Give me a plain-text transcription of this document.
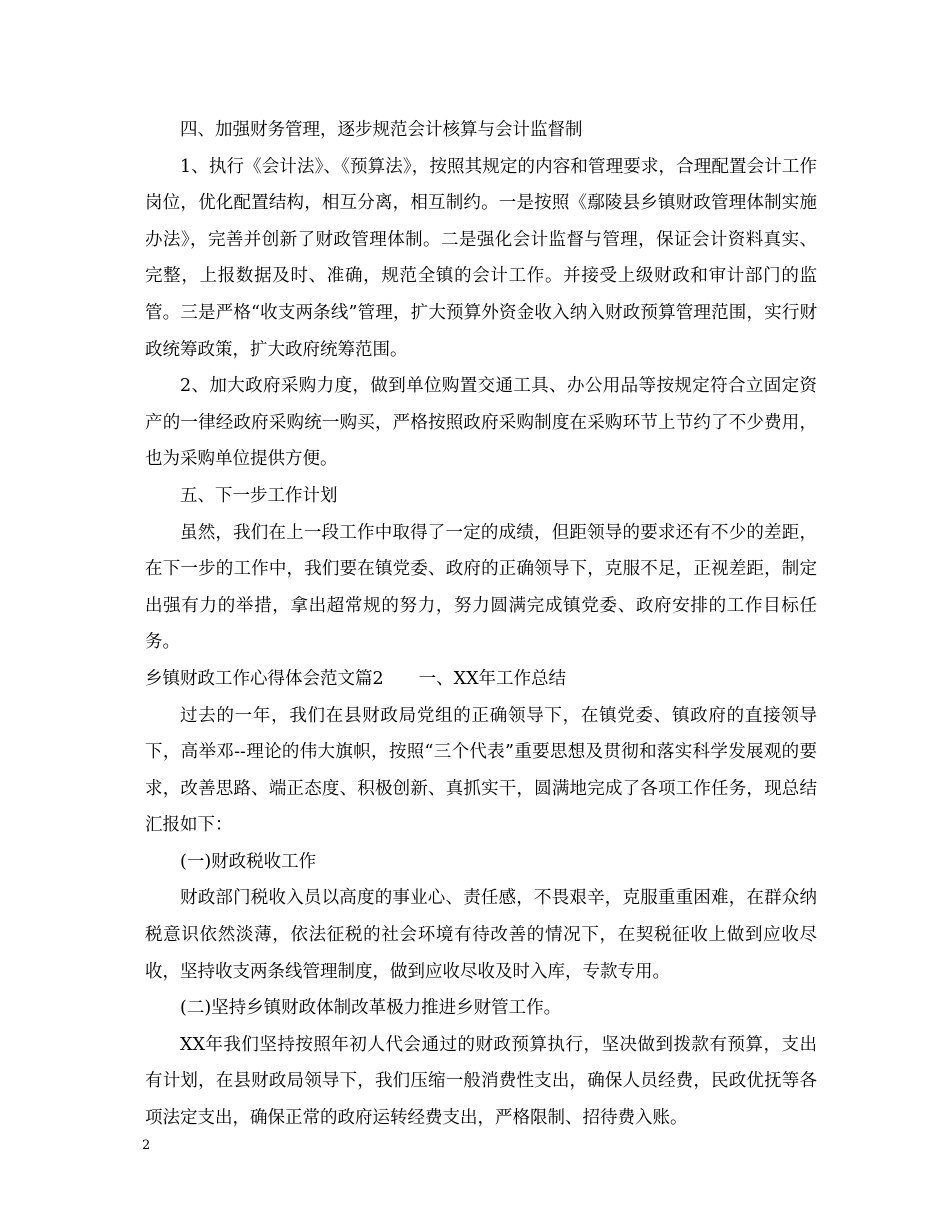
四、加强财务管理，逐步规范会计核算与会计监督制

1、执行《会计法》、《预算法》，按照其规定的内容和管理要求，合理配置会计工作岗位，优化配置结构，相互分离，相互制约。一是按照《鄢陵县乡镇财政管理体制实施办法》，完善并创新了财政管理体制。二是强化会计监督与管理，保证会计资料真实、完整，上报数据及时、准确，规范全镇的会计工作。并接受上级财政和审计部门的监管。三是严格“收支两条线”管理，扩大预算外资金收入纳入财政预算管理范围，实行财政统筹政策，扩大政府统筹范围。

2、加大政府采购力度，做到单位购置交通工具、办公用品等按规定符合立固定资产的一律经政府采购统一购买，严格按照政府采购制度在采购环节上节约了不少费用，也为采购单位提供方便。

五、下一步工作计划

虽然，我们在上一段工作中取得了一定的成绩，但距领导的要求还有不少的差距，在下一步的工作中，我们要在镇党委、政府的正确领导下，克服不足，正视差距，制定出强有力的举措，拿出超常规的努力，努力圆满完成镇党委、政府安排的工作目标任务。

乡镇财政工作心得体会范文篇2　　一、XX年工作总结

过去的一年，我们在县财政局党组的正确领导下，在镇党委、镇政府的直接领导下，高举邓--理论的伟大旗帜，按照“三个代表”重要思想及贯彻和落实科学发展观的要求，改善思路、端正态度、积极创新、真抓实干，圆满地完成了各项工作任务，现总结汇报如下：

(一)财政税收工作

财政部门税收入员以高度的事业心、责任感，不畏艰辛，克服重重困难，在群众纳税意识依然淡薄，依法征税的社会环境有待改善的情况下，在契税征收上做到应收尽收，坚持收支两条线管理制度，做到应收尽收及时入库，专款专用。

(二)坚持乡镇财政体制改革极力推进乡财管工作。

XX年我们坚持按照年初人代会通过的财政预算执行，坚决做到拨款有预算，支出有计划，在县财政局领导下，我们压缩一般消费性支出，确保人员经费，民政优抚等各项法定支出，确保正常的政府运转经费支出，严格限制、招待费入账。

2
